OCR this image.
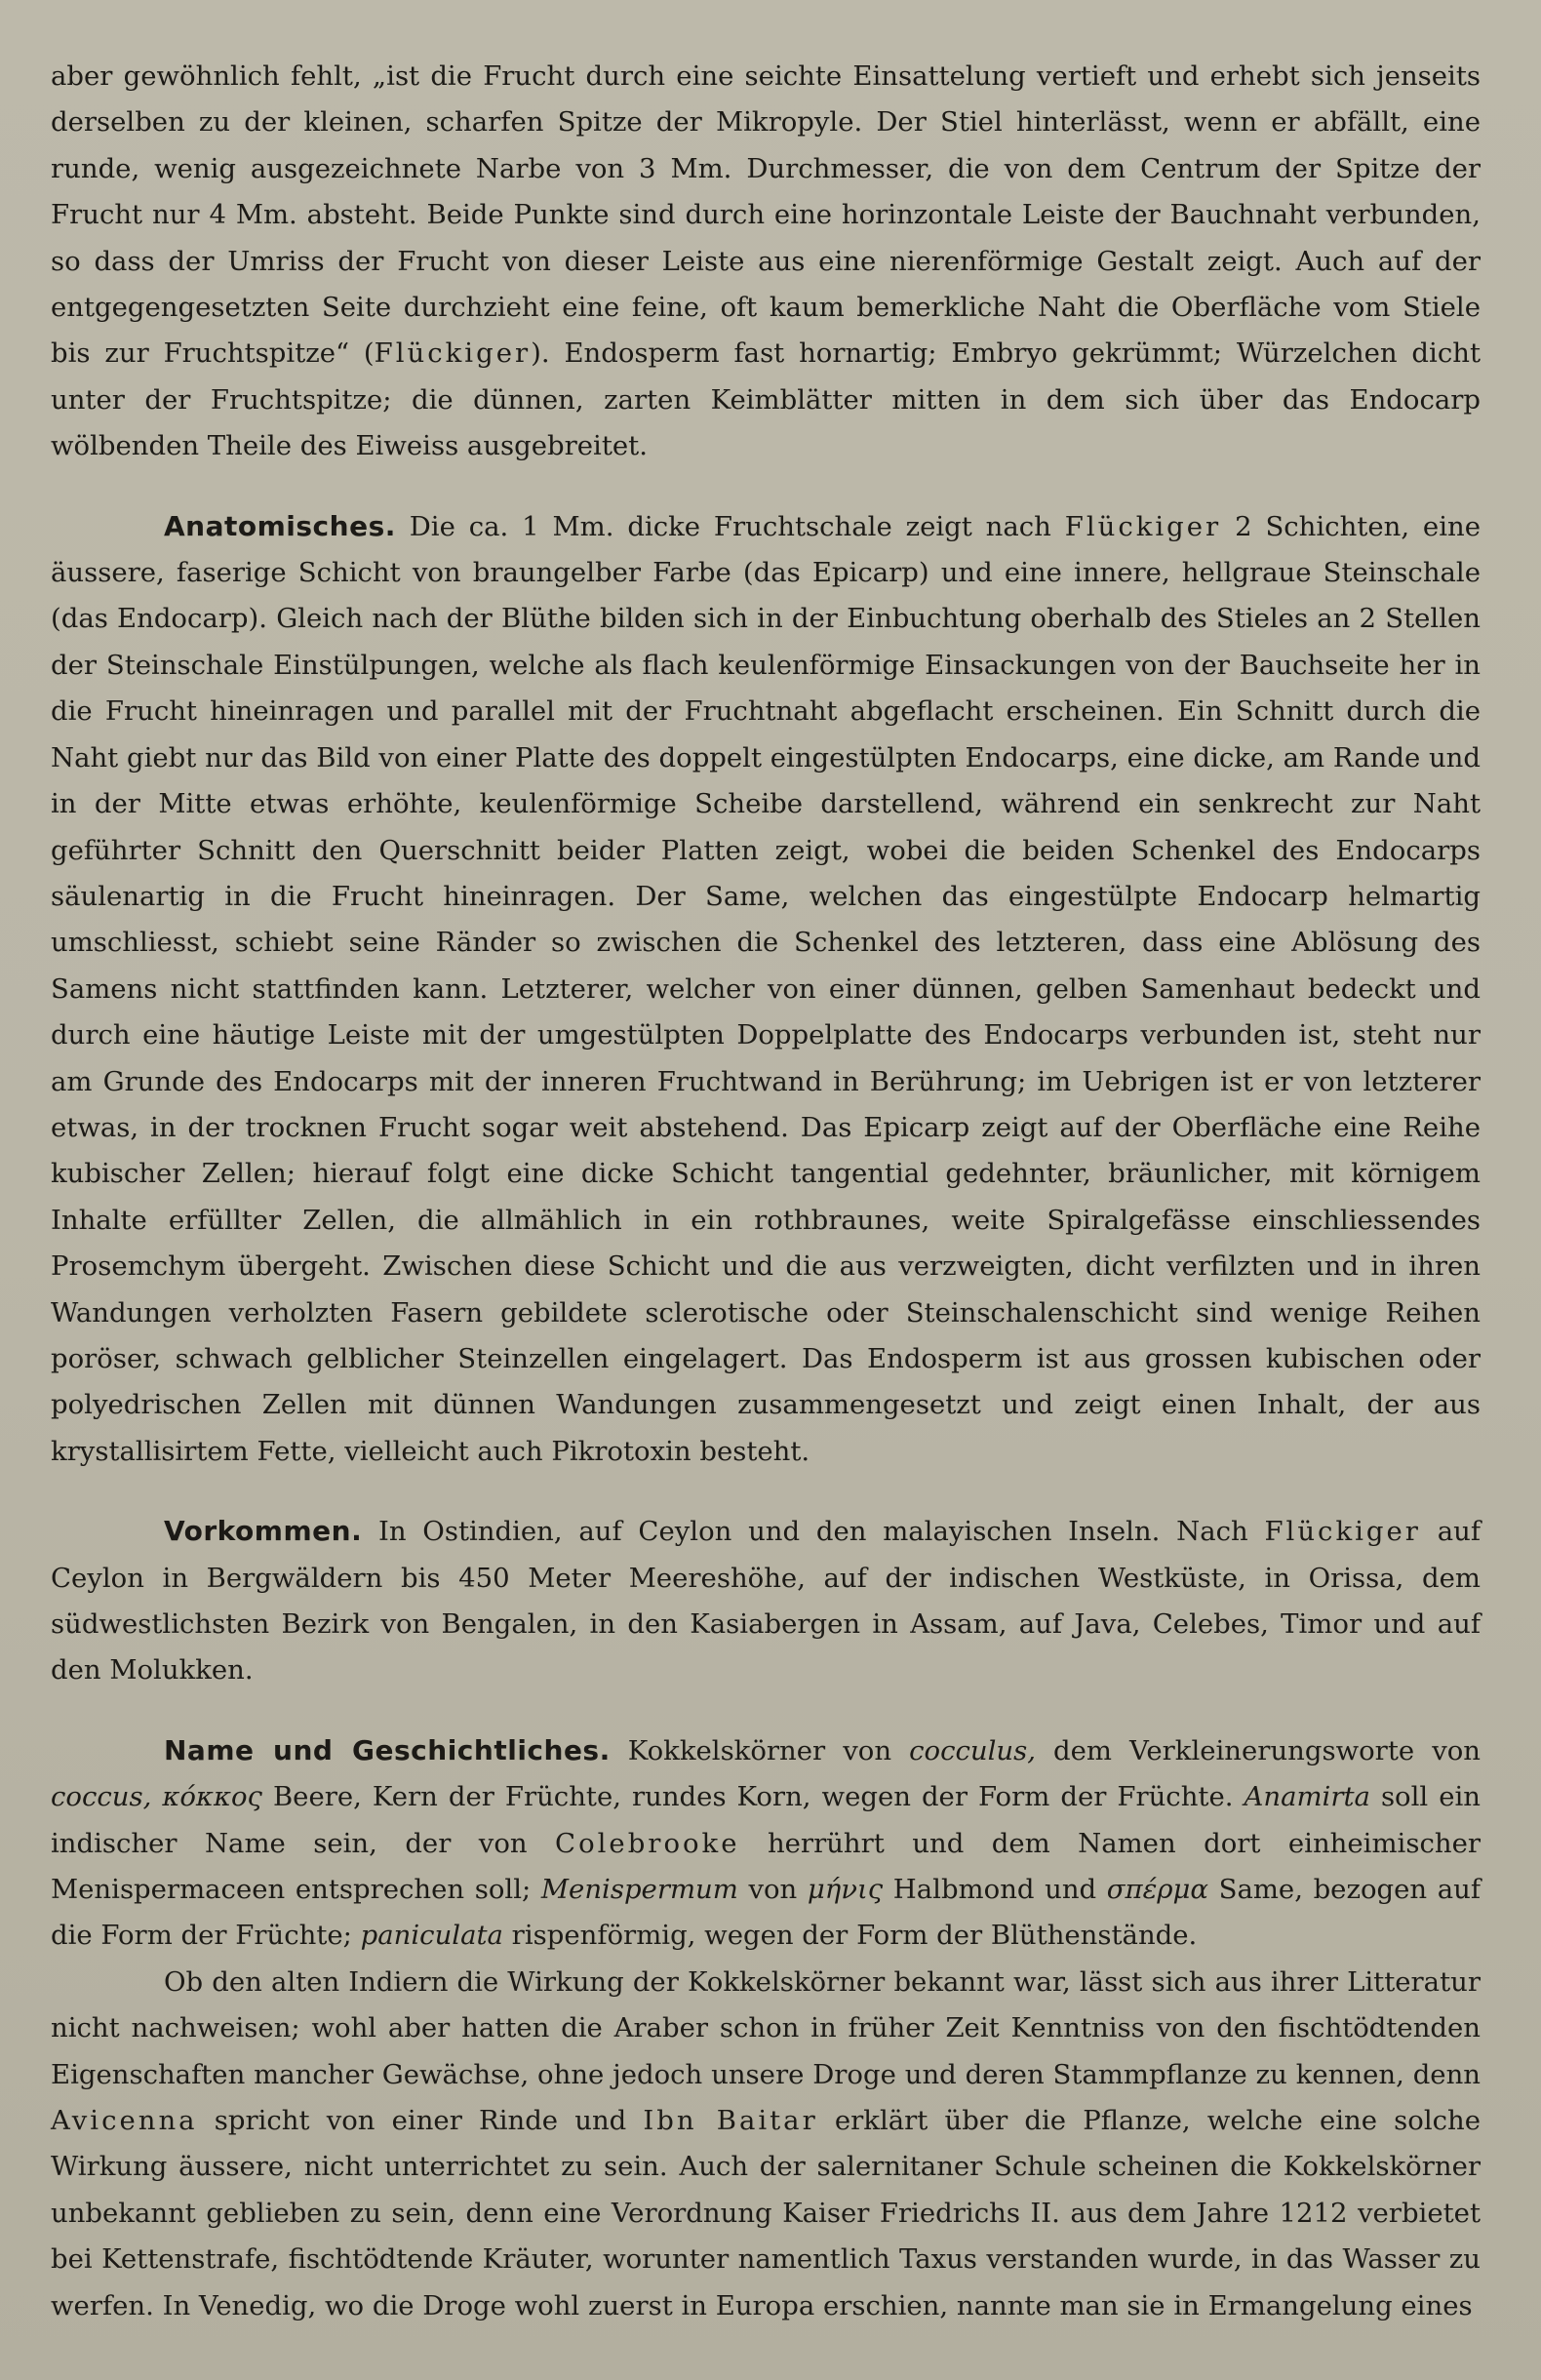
aber gewöhnlich fehlt, „ist die Frucht durch eine seichte Einsattelung vertieft und erhebt sich jenseits derselben zu der kleinen, scharfen Spitze der Mikropyle. Der Stiel hinterlässt, wenn er abfällt, eine runde, wenig ausgezeichnete Narbe von 3 Mm. Durchmesser, die von dem Centrum der Spitze der Frucht nur 4 Mm. absteht. Beide Punkte sind durch eine horinzontale Leiste der Bauchnaht verbunden, so dass der Umriss der Frucht von dieser Leiste aus eine nierenförmige Gestalt zeigt. Auch auf der entgegengesetzten Seite durchzieht eine feine, oft kaum bemerkliche Naht die Oberfläche vom Stiele bis zur Fruchtspitze“ (Flückiger). Endosperm fast hornartig; Embryo gekrümmt; Würzelchen dicht unter der Fruchtspitze; die dünnen, zarten Keimblätter mitten in dem sich über das Endocarp wölbenden Theile des Eiweiss ausgebreitet.

Anatomisches. Die ca. 1 Mm. dicke Fruchtschale zeigt nach Flückiger 2 Schichten, eine äussere, faserige Schicht von braungelber Farbe (das Epicarp) und eine innere, hellgraue Steinschale (das Endocarp). Gleich nach der Blüthe bilden sich in der Einbuchtung oberhalb des Stieles an 2 Stellen der Steinschale Einstülpungen, welche als flach keulenförmige Einsackungen von der Bauchseite her in die Frucht hineinragen und parallel mit der Fruchtnaht abgeflacht erscheinen. Ein Schnitt durch die Naht giebt nur das Bild von einer Platte des doppelt eingestülpten Endocarps, eine dicke, am Rande und in der Mitte etwas erhöhte, keulenförmige Scheibe darstellend, während ein senkrecht zur Naht geführter Schnitt den Querschnitt beider Platten zeigt, wobei die beiden Schenkel des Endocarps säulenartig in die Frucht hineinragen. Der Same, welchen das eingestülpte Endocarp helmartig umschliesst, schiebt seine Ränder so zwischen die Schenkel des letzteren, dass eine Ablösung des Samens nicht stattfinden kann. Letzterer, welcher von einer dünnen, gelben Samenhaut bedeckt und durch eine häutige Leiste mit der umgestülpten Doppelplatte des Endocarps verbunden ist, steht nur am Grunde des Endocarps mit der inneren Fruchtwand in Berührung; im Uebrigen ist er von letzterer etwas, in der trocknen Frucht sogar weit abstehend. Das Epicarp zeigt auf der Oberfläche eine Reihe kubischer Zellen; hierauf folgt eine dicke Schicht tangential gedehnter, bräunlicher, mit körnigem Inhalte erfüllter Zellen, die allmählich in ein rothbraunes, weite Spiralgefässe einschliessendes Prosemchym übergeht. Zwischen diese Schicht und die aus verzweigten, dicht verfilzten und in ihren Wandungen verholzten Fasern gebildete sclerotische oder Steinschalenschicht sind wenige Reihen poröser, schwach gelblicher Steinzellen eingelagert. Das Endosperm ist aus grossen kubischen oder polyedrischen Zellen mit dünnen Wandungen zusammengesetzt und zeigt einen Inhalt, der aus krystallisirtem Fette, vielleicht auch Pikrotoxin besteht.

Vorkommen. In Ostindien, auf Ceylon und den malayischen Inseln. Nach Flückiger auf Ceylon in Bergwäldern bis 450 Meter Meereshöhe, auf der indischen Westküste, in Orissa, dem südwestlichsten Bezirk von Bengalen, in den Kasiabergen in Assam, auf Java, Celebes, Timor und auf den Molukken.

Name und Geschichtliches. Kokkelskörner von cocculus, dem Verkleinerungsworte von coccus, κόκκος Beere, Kern der Früchte, rundes Korn, wegen der Form der Früchte. Anamirta soll ein indischer Name sein, der von Colebrooke herrührt und dem Namen dort einheimischer Menispermaceen entsprechen soll; Menispermum von μήνις Halbmond und σπέρμα Same, bezogen auf die Form der Früchte; paniculata rispenförmig, wegen der Form der Blüthenstände.

Ob den alten Indiern die Wirkung der Kokkelskörner bekannt war, lässt sich aus ihrer Litteratur nicht nachweisen; wohl aber hatten die Araber schon in früher Zeit Kenntniss von den fischtödtenden Eigenschaften mancher Gewächse, ohne jedoch unsere Droge und deren Stammpflanze zu kennen, denn Avicenna spricht von einer Rinde und Ibn Baitar erklärt über die Pflanze, welche eine solche Wirkung äussere, nicht unterrichtet zu sein. Auch der salernitaner Schule scheinen die Kokkelskörner unbekannt geblieben zu sein, denn eine Verordnung Kaiser Friedrichs II. aus dem Jahre 1212 verbietet bei Kettenstrafe, fischtödtende Kräuter, worunter namentlich Taxus verstanden wurde, in das Wasser zu werfen. In Venedig, wo die Droge wohl zuerst in Europa erschien, nannte man sie in Ermangelung eines
